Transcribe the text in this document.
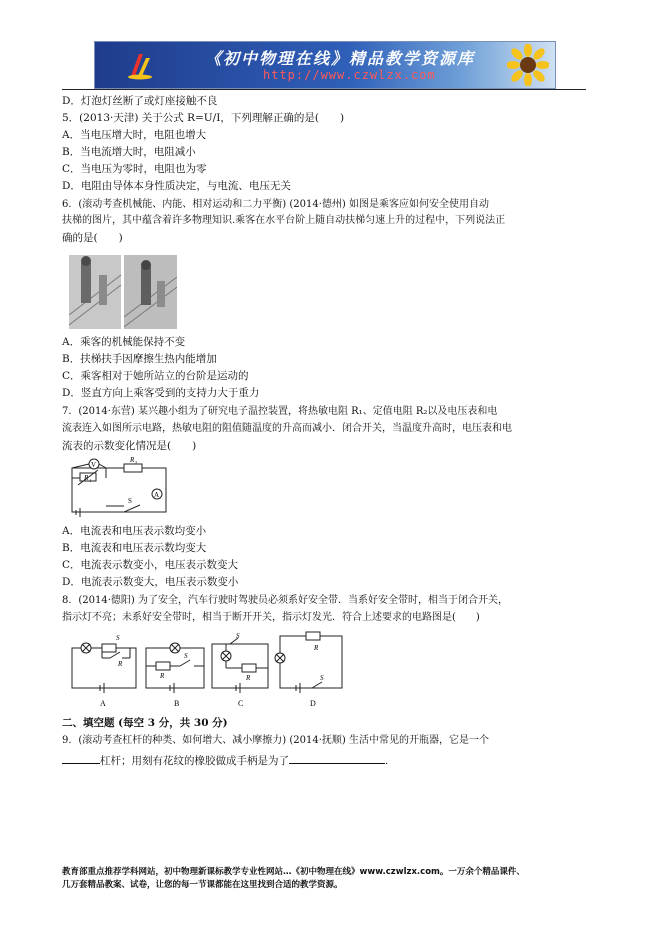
《初中物理在线》精品教学资源库
http://www.czwlzx.com
D．灯泡灯丝断了或灯座接触不良
5．(2013·天津) 关于公式 R=U/I，下列理解正确的是(　　)
A．当电压增大时，电阻也增大
B．当电流增大时，电阻减小
C．当电压为零时，电阻也为零
D．电阻由导体本身性质决定，与电流、电压无关
6．(滚动考查机械能、内能、相对运动和二力平衡) (2014·德州) 如图是乘客应如何安全使用自动
扶梯的图片，其中蕴含着许多物理知识.乘客在水平台阶上随自动扶梯匀速上升的过程中，下列说法正
确的是(　　)
A．乘客的机械能保持不变
B．扶梯扶手因摩擦生热内能增加
C．乘客相对于她所站立的台阶是运动的
D．竖直方向上乘客受到的支持力大于重力
7．(2014·东营) 某兴趣小组为了研究电子温控装置，将热敏电阻 R₁、定值电阻 R₂以及电压表和电
流表连入如图所示电路，热敏电阻的阻值随温度的升高而减小．闭合开关，当温度升高时，电压表和电
流表的示数变化情况是(　　)
V
A
R 1
R 2
S
A．电流表和电压表示数均变小
B．电流表和电压表示数均变大
C．电流表示数变小，电压表示数变大
D．电流表示数变大，电压表示数变小
8．(2014·德阳) 为了安全，汽车行驶时驾驶员必须系好安全带．当系好安全带时，相当于闭合开关，
指示灯不亮；未系好安全带时，相当于断开开关，指示灯发光．符合上述要求的电路图是(　　)
S
R
R
S
S
R
R
S
A	B	C	D
二、填空题 (每空 3 分，共 30 分)
9．(滚动考查杠杆的种类、如何增大、减小摩擦力) (2014·抚顺) 生活中常见的开瓶器，它是一个
杠杆；用刻有花纹的橡胶做成手柄是为了	.
教育部重点推荐学科网站，初中物理新课标教学专业性网站…《初中物理在线》www.czwlzx.com。一万余个精品课件、
几万套精品教案、试卷，让您的每一节课都能在这里找到合适的教学资源。
